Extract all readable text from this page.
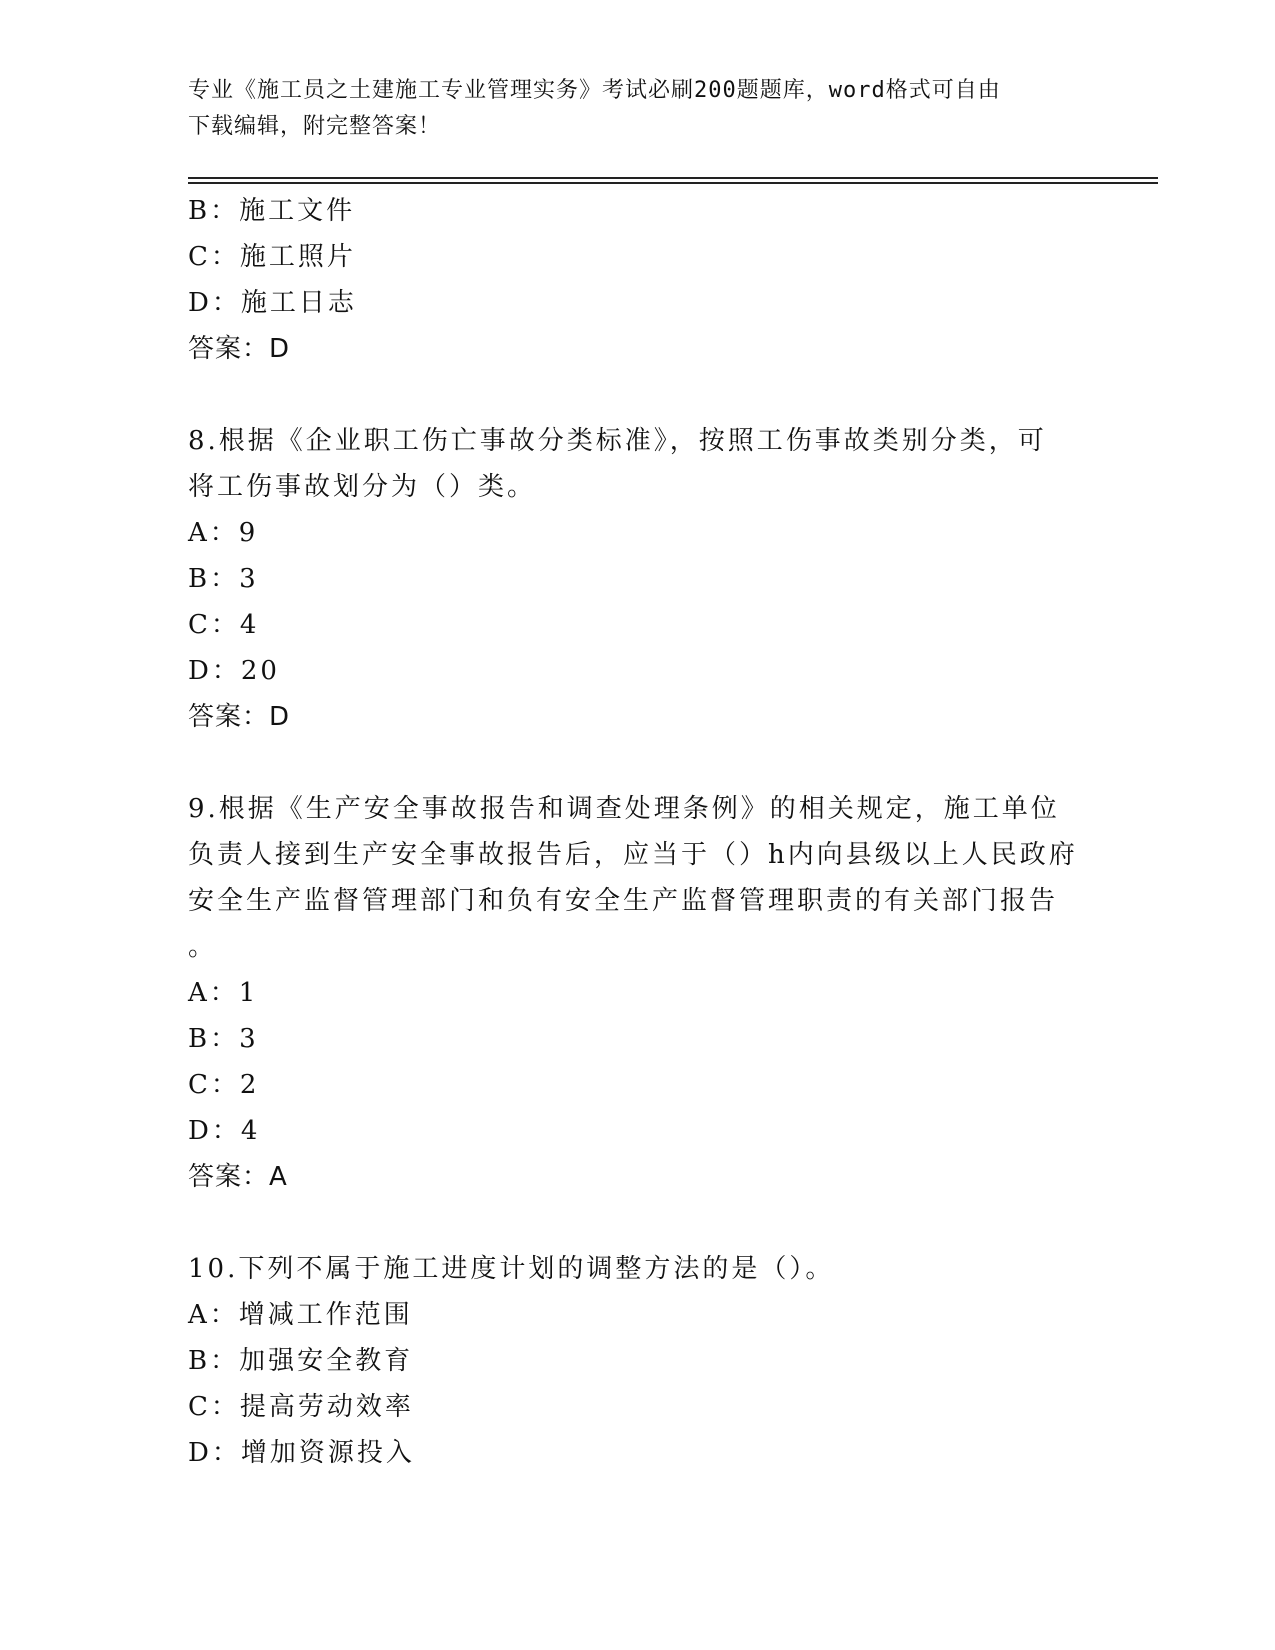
专业《施工员之土建施工专业管理实务》考试必刷200题题库，word格式可自由
下载编辑，附完整答案！
B：施工文件
C：施工照片
D：施工日志
答案：D
8.根据《企业职工伤亡事故分类标准》，按照工伤事故类别分类，可
将工伤事故划分为（）类。
A：9
B：3
C：4
D：20
答案：D
9.根据《生产安全事故报告和调查处理条例》的相关规定，施工单位
负责人接到生产安全事故报告后，应当于（）h内向县级以上人民政府
安全生产监督管理部门和负有安全生产监督管理职责的有关部门报告
。
A：1
B：3
C：2
D：4
答案：A
10.下列不属于施工进度计划的调整方法的是（）。
A：增减工作范围
B：加强安全教育
C：提高劳动效率
D：增加资源投入
